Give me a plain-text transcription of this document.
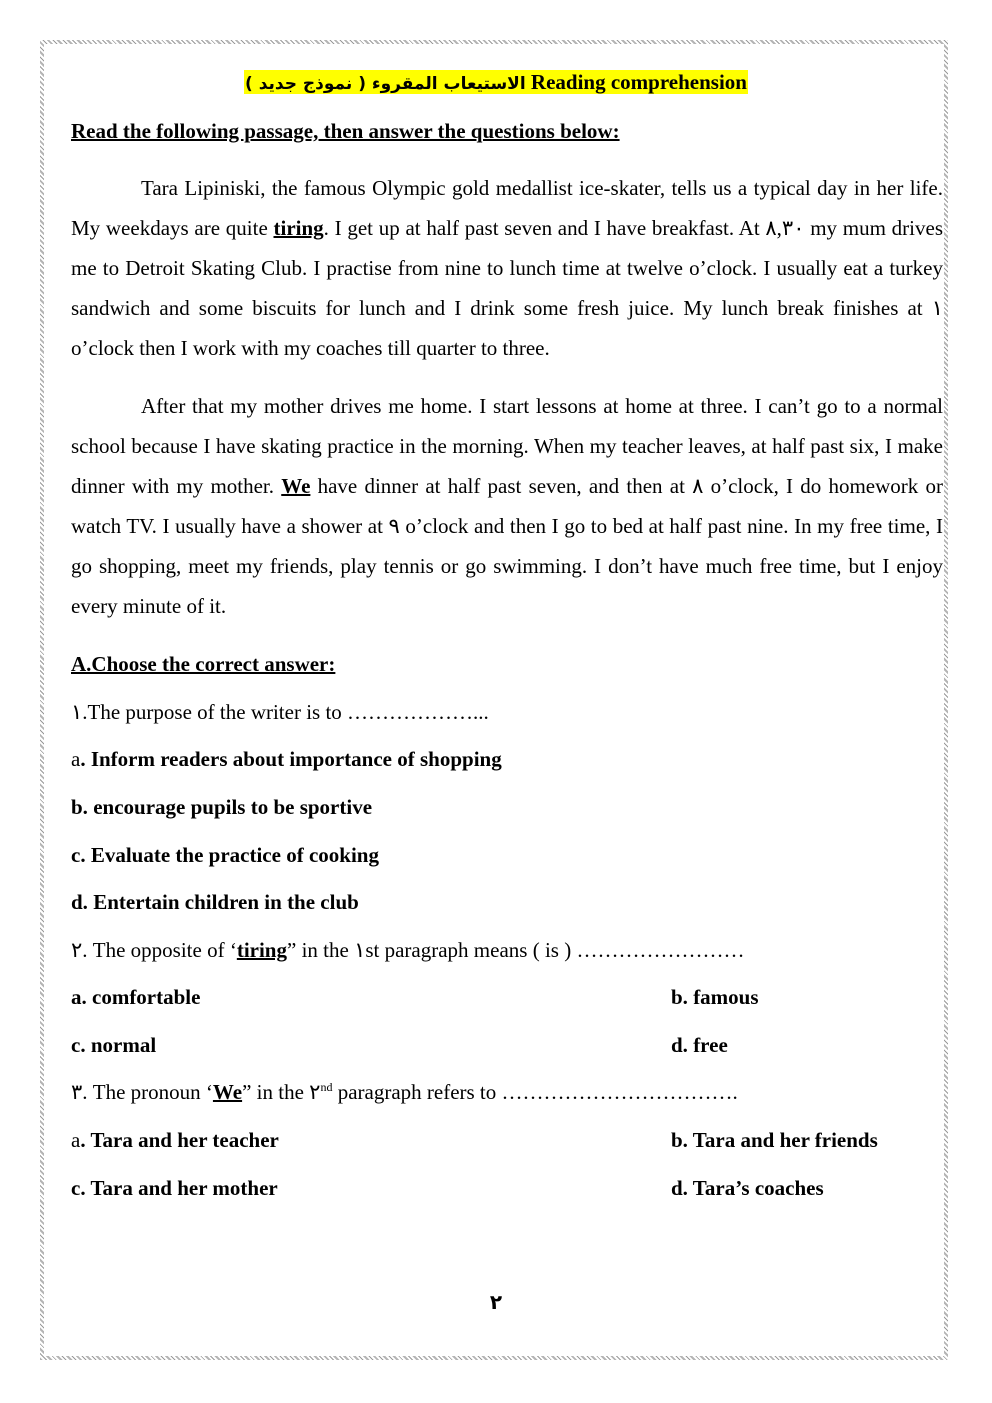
الاستيعاب المقروء ( نموذج جديد ) Reading comprehension
Read the following passage, then answer the questions below:

Tara Lipiniski, the famous Olympic gold medallist ice-skater, tells us a typical day in her life. My weekdays are quite tiring. I get up at half past seven and I have breakfast. At ٨,٣٠ my mum drives me to Detroit Skating Club. I practise from nine to lunch time at twelve o’clock. I usually eat a turkey sandwich and some biscuits for lunch and I drink some fresh juice. My lunch break finishes at ١ o’clock then I work with my coaches till quarter to three.

After that my mother drives me home. I start lessons at home at three. I can’t go to a normal school because I have skating practice in the morning. When my teacher leaves, at half past six, I make dinner with my mother. We have dinner at half past seven, and then at ٨ o’clock, I do homework or watch TV. I usually have a shower at ٩ o’clock and then I go to bed at half past nine. In my free time, I go shopping, meet my friends, play tennis or go swimming. I don’t have much free time, but I enjoy every minute of it.

A.Choose the correct answer:
١.The purpose of the writer is to ………………...
a. Inform readers about importance of shopping
b. encourage pupils to be sportive
c. Evaluate the practice of cooking
d. Entertain children in the club
٢. The opposite of ‘tiring” in the ١st paragraph means ( is ) ……………………
a. comfortable	b. famous
c. normal	d. free
٣. The pronoun ‘We” in the ٢nd paragraph refers to …………………………….
a. Tara and her teacher	b. Tara and her friends
c. Tara and her mother	d. Tara’s coaches
٢
